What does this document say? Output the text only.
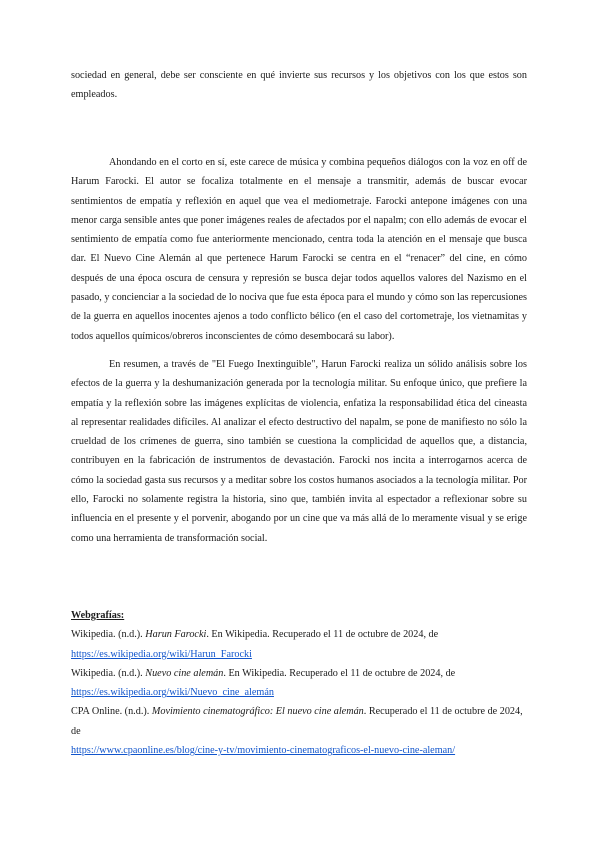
sociedad en general, debe ser consciente en qué invierte sus recursos y los objetivos con los que estos son empleados.

Ahondando en el corto en sí, este carece de música y combina pequeños diálogos con la voz en off de Harum Farocki. El autor se focaliza totalmente en el mensaje a transmitir, además de buscar evocar sentimientos de empatía y reflexión en aquel que vea el mediometraje. Farocki antepone imágenes con una menor carga sensible antes que poner imágenes reales de afectados por el napalm; con ello además de evocar el sentimiento de empatía como fue anteriormente mencionado, centra toda la atención en el mensaje que busca dar. El Nuevo Cine Alemán al que pertenece Harum Farocki se centra en el “renacer” del cine, en cómo después de una época oscura de censura y represión se busca dejar todos aquellos valores del Nazismo en el pasado, y concienciar a la sociedad de lo nociva que fue esta época para el mundo y cómo son las repercusiones de la guerra en aquellos inocentes ajenos a todo conflicto bélico (en el caso del cortometraje, los vietnamitas y todos aquellos químicos/obreros inconscientes de cómo desembocará su labor).

En resumen, a través de "El Fuego Inextinguible", Harun Farocki realiza un sólido análisis sobre los efectos de la guerra y la deshumanización generada por la tecnología militar. Su enfoque único, que prefiere la empatía y la reflexión sobre las imágenes explícitas de violencia, enfatiza la responsabilidad ética del cineasta al representar realidades difíciles. Al analizar el efecto destructivo del napalm, se pone de manifiesto no sólo la crueldad de los crímenes de guerra, sino también se cuestiona la complicidad de aquellos que, a distancia, contribuyen en la fabricación de instrumentos de devastación. Farocki nos incita a interrogarnos acerca de cómo la sociedad gasta sus recursos y a meditar sobre los costos humanos asociados a la tecnología militar. Por ello, Farocki no solamente registra la historia, sino que, también invita al espectador a reflexionar sobre su influencia en el presente y el porvenir, abogando por un cine que va más allá de lo meramente visual y se erige como una herramienta de transformación social.

Webgrafías:
Wikipedia. (n.d.). Harun Farocki. En Wikipedia. Recuperado el 11 de octubre de 2024, de
https://es.wikipedia.org/wiki/Harun_Farocki
Wikipedia. (n.d.). Nuevo cine alemán. En Wikipedia. Recuperado el 11 de octubre de 2024, de
https://es.wikipedia.org/wiki/Nuevo_cine_alemán
CPA Online. (n.d.). Movimiento cinematográfico: El nuevo cine alemán. Recuperado el 11 de octubre de 2024, de
https://www.cpaonline.es/blog/cine-y-tv/movimiento-cinematograficos-el-nuevo-cine-aleman/
